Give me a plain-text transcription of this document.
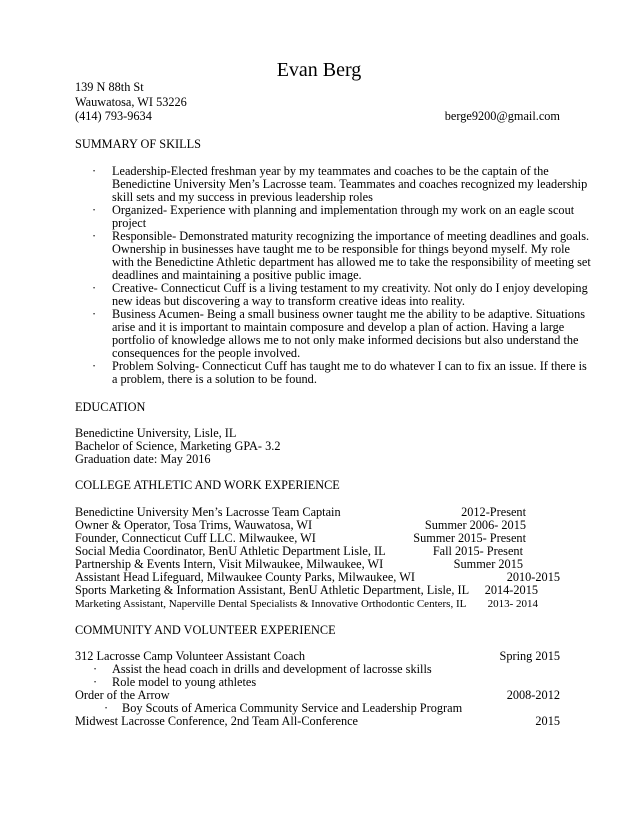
Evan Berg
139 N 88th St
Wauwatosa, WI 53226
(414) 793-9634	berge9200@gmail.com
SUMMARY OF SKILLS
· Leadership-Elected freshman year by my teammates and coaches to be the captain of the
Benedictine University Men’s Lacrosse team. Teammates and coaches recognized my leadership
skill sets and my success in previous leadership roles
· Organized- Experience with planning and implementation through my work on an eagle scout
project
· Responsible- Demonstrated maturity recognizing the importance of meeting deadlines and goals.
Ownership in businesses have taught me to be responsible for things beyond myself. My role
with the Benedictine Athletic department has allowed me to take the responsibility of meeting set
deadlines and maintaining a positive public image.
· Creative- Connecticut Cuff is a living testament to my creativity. Not only do I enjoy developing
new ideas but discovering a way to transform creative ideas into reality.
· Business Acumen- Being a small business owner taught me the ability to be adaptive. Situations
arise and it is important to maintain composure and develop a plan of action. Having a large
portfolio of knowledge allows me to not only make informed decisions but also understand the
consequences for the people involved.
· Problem Solving- Connecticut Cuff has taught me to do whatever I can to fix an issue. If there is
a problem, there is a solution to be found.
EDUCATION
Benedictine University, Lisle, IL
Bachelor of Science, Marketing GPA- 3.2
Graduation date: May 2016
COLLEGE ATHLETIC AND WORK EXPERIENCE
Benedictine University Men’s Lacrosse Team Captain	2012-Present
Owner & Operator, Tosa Trims, Wauwatosa, WI	Summer 2006- 2015
Founder, Connecticut Cuff LLC. Milwaukee, WI	Summer 2015- Present
Social Media Coordinator, BenU Athletic Department Lisle, IL	Fall 2015- Present
Partnership & Events Intern, Visit Milwaukee, Milwaukee, WI	Summer 2015
Assistant Head Lifeguard, Milwaukee County Parks, Milwaukee, WI	2010-2015
Sports Marketing & Information Assistant, BenU Athletic Department, Lisle, IL 2014-2015
Marketing Assistant, Naperville Dental Specialists & Innovative Orthodontic Centers, IL 2013- 2014
COMMUNITY AND VOLUNTEER EXPERIENCE
312 Lacrosse Camp Volunteer Assistant Coach	Spring 2015
· Assist the head coach in drills and development of lacrosse skills
· Role model to young athletes
Order of the Arrow	2008-2012
· Boy Scouts of America Community Service and Leadership Program
Midwest Lacrosse Conference, 2nd Team All-Conference	2015
